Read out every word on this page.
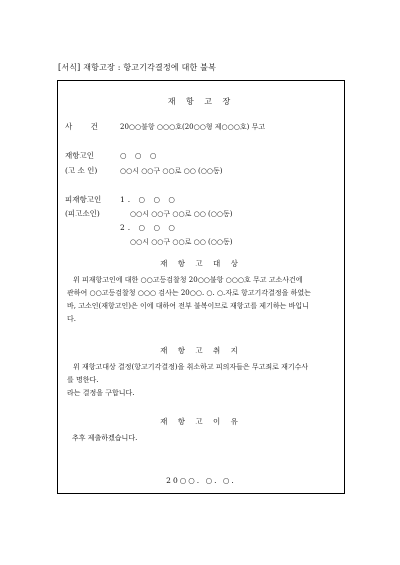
[서식] 재항고장 : 항고기각결정에 대한 불복
재 항 고 장
사 건 20○○불항 ○○○호(20○○형 제○○○호) 무고
재항고인	○ ○ ○
(고 소 인)	○○시 ○○구 ○○로 ○○ (○○동)
피재항고인
(피고소인)
1. ○ ○ ○
○○시 ○○구 ○○로 ○○ (○○동)
2. ○ ○ ○
○○시 ○○구 ○○로 ○○ (○○동)
재 항 고 대 상
위 피재항고인에 대한 ○○고등검찰청 20○○불항 ○○○호 무고 고소사건에
관하여 ○○고등검찰청 ○○○ 검사는 20○○. ○. ○.자로 항고기각결정을 하였는
바, 고소인(재항고인)은 이에 대하여 전부 불복이므로 재항고를 제기하는 바입니
다.
재 항 고 취 지
위 재항고대상 결정(항고기각결정)을 취소하고 피의자들은 무고죄로 재기수사
를 명한다.
라는 결정을 구합니다.
재 항 고 이 유
추후 제출하겠습니다.
20○○. ○. ○.
